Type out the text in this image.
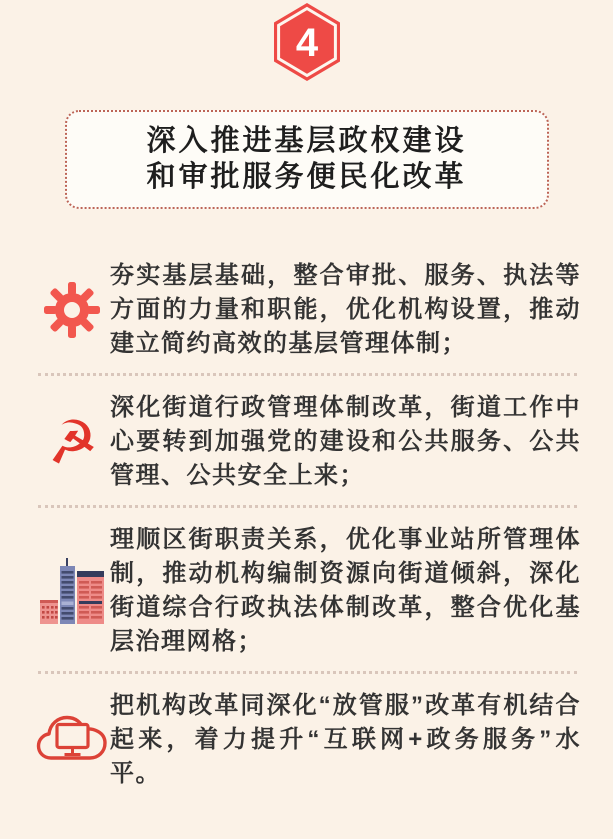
4
深入推进基层政权建设
和审批服务便民化改革

夯实基层基础，整合审批、服务、执法等方面的力量和职能，优化机构设置，推动建立简约高效的基层管理体制；

☭ 深化街道行政管理体制改革，街道工作中心要转到加强党的建设和公共服务、公共管理、公共安全上来；

理顺区街职责关系，优化事业站所管理体制，推动机构编制资源向街道倾斜，深化街道综合行政执法体制改革，整合优化基层治理网格；

把机构改革同深化“放管服”改革有机结合起来，着力提升“互联网+政务服务”水平。
